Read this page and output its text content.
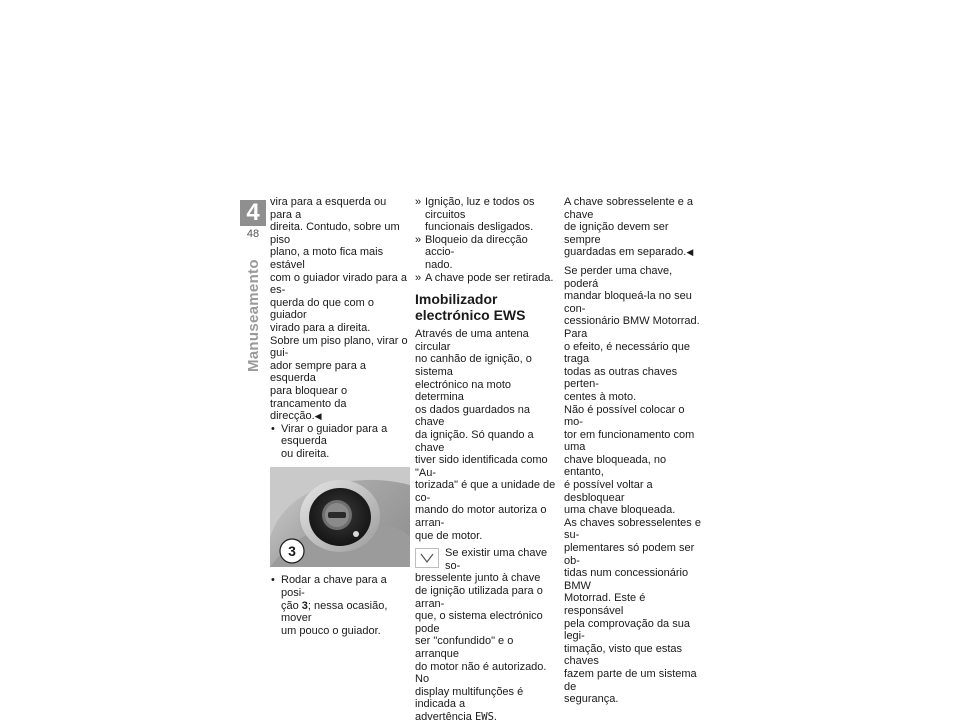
4
48
Manuseamento

vira para a esquerda ou para a
direita. Contudo, sobre um piso
plano, a moto fica mais estável
com o guiador virado para a es-
querda do que com o guiador
virado para a direita.

Sobre um piso plano, virar o gui-
ador sempre para a esquerda
para bloquear o trancamento da
direcção.◀

• Virar o guiador para a esquerda
ou direita.
3
• Rodar a chave para a posi-
ção 3; nessa ocasião, mover
um pouco o guiador.
» Ignição, luz e todos os circuitos
funcionais desligados.
» Bloqueio da direcção accio-
nado.
» A chave pode ser retirada.
Imobilizador
electrónico EWS

Através de uma antena circular
no canhão de ignição, o sistema
electrónico na moto determina
os dados guardados na chave
da ignição. Só quando a chave
tiver sido identificada como "Au-
torizada" é que a unidade de co-
mando do motor autoriza o arran-
que de motor.

Se existir uma chave so-
bresselente junto à chave
de ignição utilizada para o arran-
que, o sistema electrónico pode
ser "confundido" e o arranque
do motor não é autorizado. No
display multifunções é indicada a
advertência EWS.

A chave sobresselente e a chave
de ignição devem ser sempre
guardadas em separado.◀

Se perder uma chave, poderá
mandar bloqueá-la no seu con-
cessionário BMW Motorrad. Para
o efeito, é necessário que traga
todas as outras chaves perten-
centes à moto.

Não é possível colocar o mo-
tor em funcionamento com uma
chave bloqueada, no entanto,
é possível voltar a desbloquear
uma chave bloqueada.

As chaves sobresselentes e su-
plementares só podem ser ob-
tidas num concessionário BMW
Motorrad. Este é responsável
pela comprovação da sua legi-
timação, visto que estas chaves
fazem parte de um sistema de
segurança.
